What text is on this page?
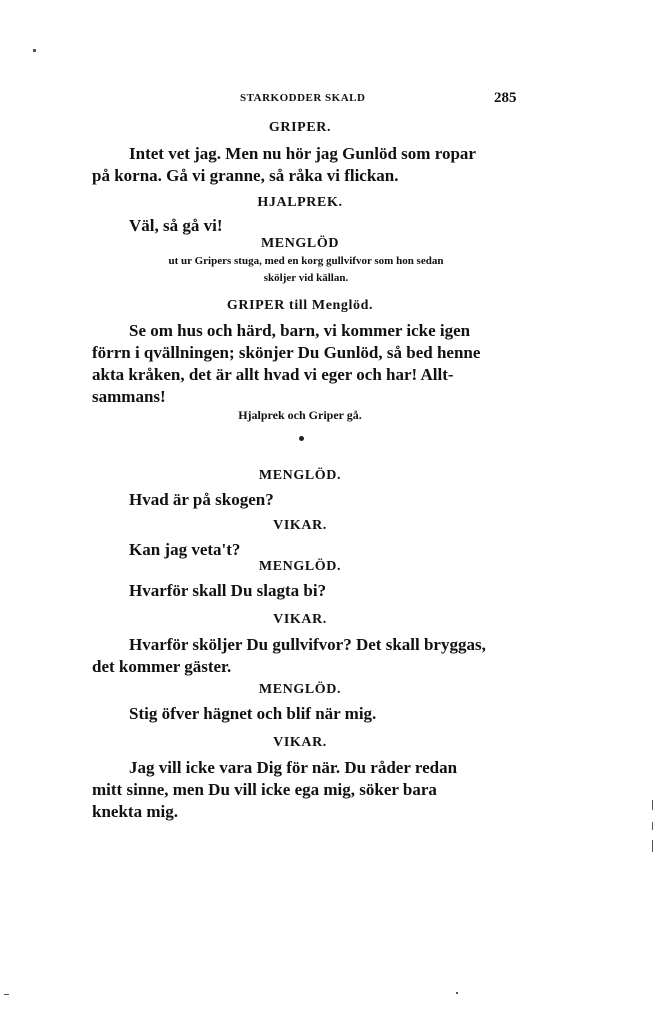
STARKODDER SKALD	285
GRIPER.
Intet vet jag. Men nu hör jag Gunlöd som ropar
på korna. Gå vi granne, så råka vi flickan.
HJALPREK.
Väl, så gå vi!
MENGLÖD
ut ur Gripers stuga, med en korg gullvifvor som hon sedan
sköljer vid källan.
GRIPER till Menglöd.
Se om hus och härd, barn, vi kommer icke igen
förrn i qvällningen; skönjer Du Gunlöd, så bed henne
akta kråken, det är allt hvad vi eger och har! Allt-
sammans!
Hjalprek och Griper gå.
MENGLÖD.
Hvad är på skogen?
VIKAR.
Kan jag veta't?
MENGLÖD.
Hvarför skall Du slagta bi?
VIKAR.
Hvarför sköljer Du gullvifvor? Det skall bryggas,
det kommer gäster.
MENGLÖD.
Stig öfver hägnet och blif när mig.
VIKAR.
Jag vill icke vara Dig för när. Du råder redan
mitt sinne, men Du vill icke ega mig, söker bara
knekta mig.
